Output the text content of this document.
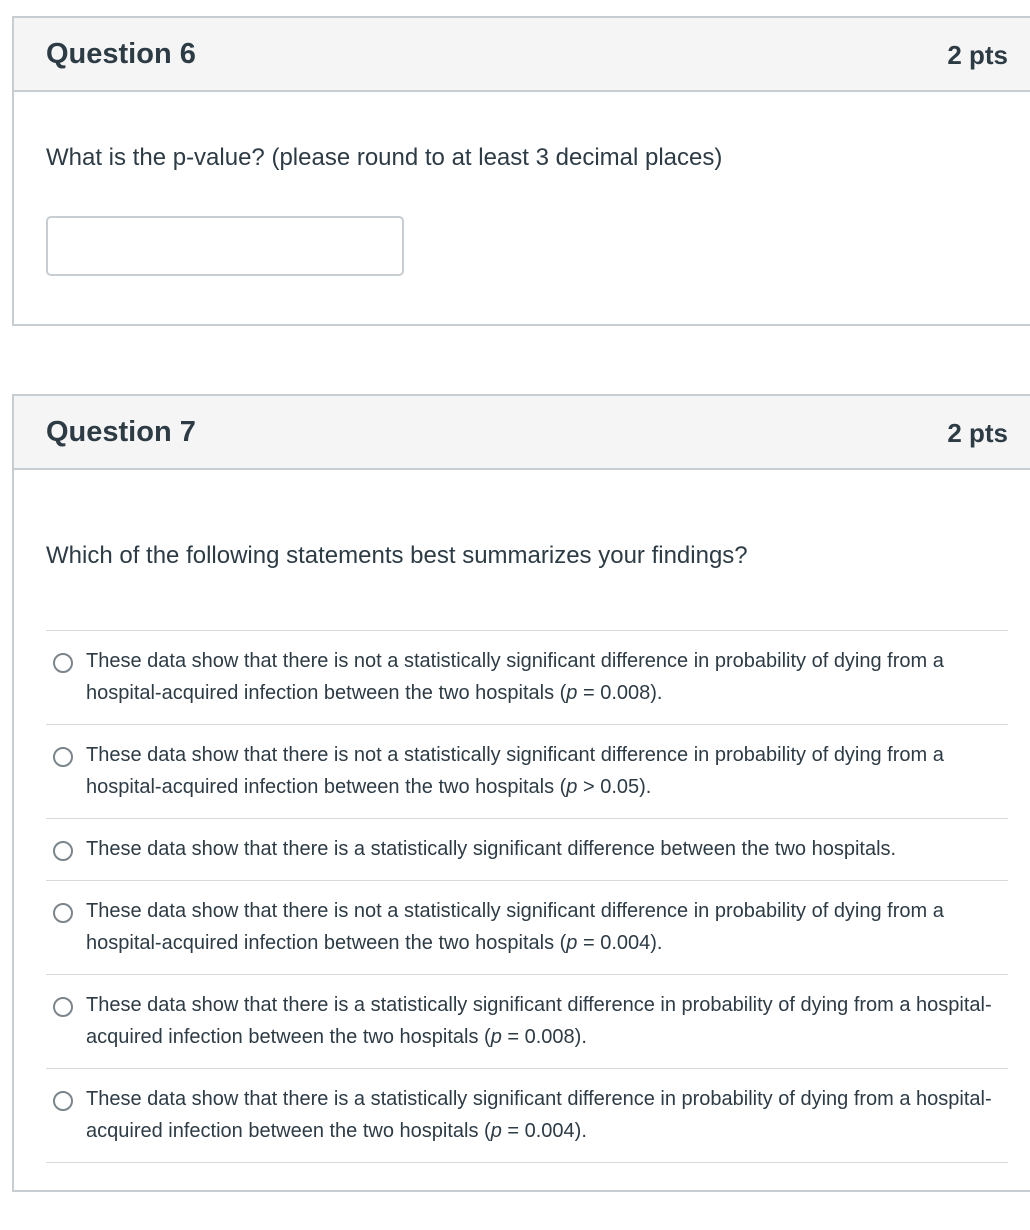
Question 6	2 pts
What is the p-value? (please round to at least 3 decimal places)
Question 7	2 pts
Which of the following statements best summarizes your findings?
These data show that there is not a statistically significant difference in probability of dying from a hospital-acquired infection between the two hospitals (p = 0.008).
These data show that there is not a statistically significant difference in probability of dying from a hospital-acquired infection between the two hospitals (p > 0.05).
These data show that there is a statistically significant difference between the two hospitals.
These data show that there is not a statistically significant difference in probability of dying from a hospital-acquired infection between the two hospitals (p = 0.004).
These data show that there is a statistically significant difference in probability of dying from a hospital-acquired infection between the two hospitals (p = 0.008).
These data show that there is a statistically significant difference in probability of dying from a hospital-acquired infection between the two hospitals (p = 0.004).
